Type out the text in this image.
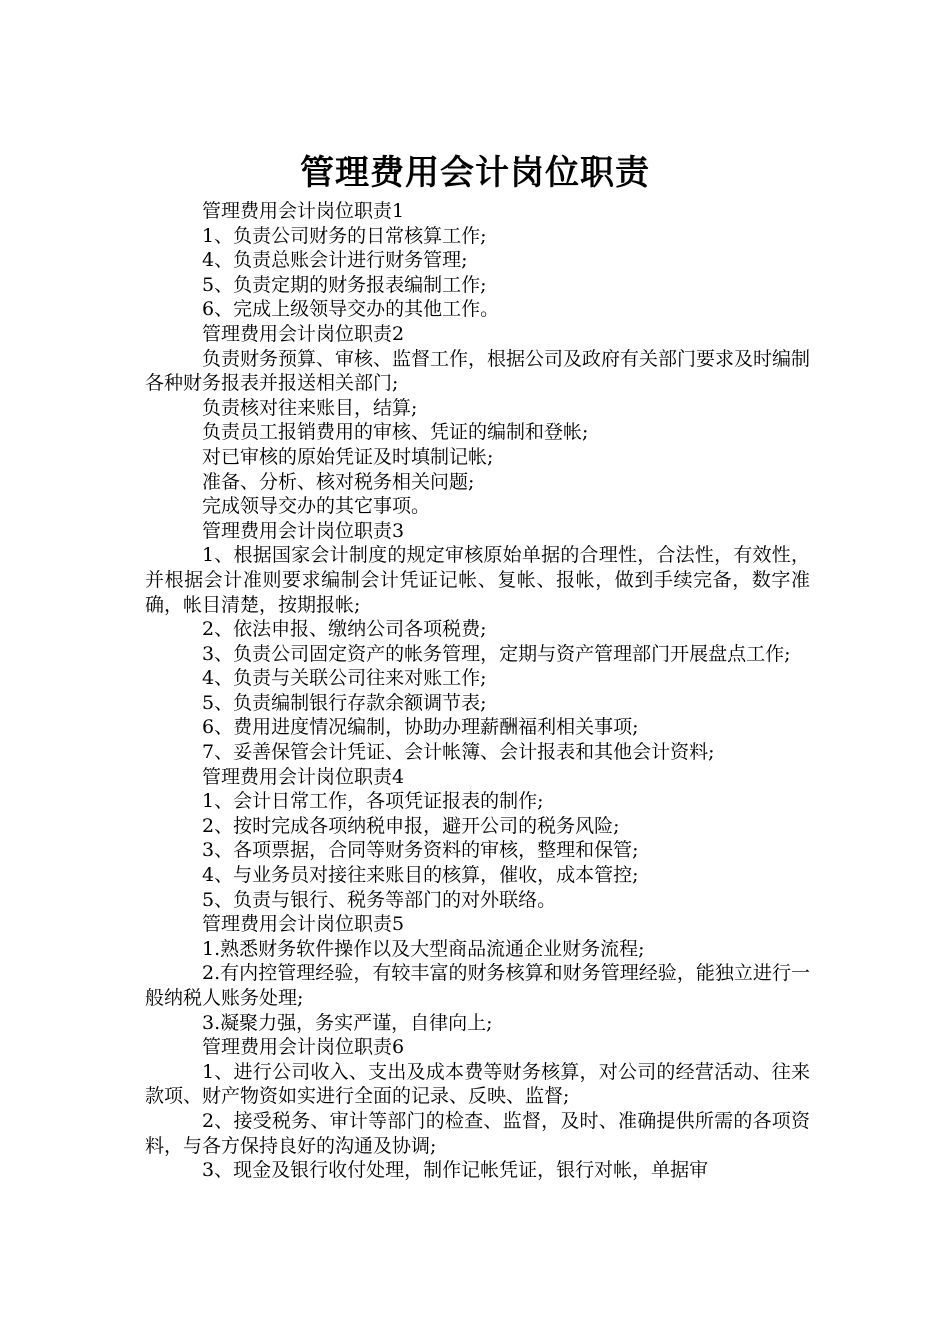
管理费用会计岗位职责

管理费用会计岗位职责1

1、负责公司财务的日常核算工作;

4、负责总账会计进行财务管理;

5、负责定期的财务报表编制工作;

6、完成上级领导交办的其他工作。

管理费用会计岗位职责2

负责财务预算、审核、监督工作，根据公司及政府有关部门要求及时编制各种财务报表并报送相关部门;

负责核对往来账目，结算;

负责员工报销费用的审核、凭证的编制和登帐;

对已审核的原始凭证及时填制记帐;

准备、分析、核对税务相关问题;

完成领导交办的其它事项。

管理费用会计岗位职责3

1、根据国家会计制度的规定审核原始单据的合理性，合法性，有效性，并根据会计准则要求编制会计凭证记帐、复帐、报帐，做到手续完备，数字准确，帐目清楚，按期报帐;

2、依法申报、缴纳公司各项税费;

3、负责公司固定资产的帐务管理，定期与资产管理部门开展盘点工作;

4、负责与关联公司往来对账工作;

5、负责编制银行存款余额调节表;

6、费用进度情况编制，协助办理薪酬福利相关事项;

7、妥善保管会计凭证、会计帐簿、会计报表和其他会计资料;

管理费用会计岗位职责4

1、会计日常工作，各项凭证报表的制作;

2、按时完成各项纳税申报，避开公司的税务风险;

3、各项票据，合同等财务资料的审核，整理和保管;

4、与业务员对接往来账目的核算，催收，成本管控;

5、负责与银行、税务等部门的对外联络。

管理费用会计岗位职责5

1.熟悉财务软件操作以及大型商品流通企业财务流程;

2.有内控管理经验，有较丰富的财务核算和财务管理经验，能独立进行一般纳税人账务处理;

3.凝聚力强，务实严谨，自律向上;

管理费用会计岗位职责6

1、进行公司收入、支出及成本费等财务核算，对公司的经营活动、往来款项、财产物资如实进行全面的记录、反映、监督;

2、接受税务、审计等部门的检查、监督，及时、准确提供所需的各项资料，与各方保持良好的沟通及协调;

3、现金及银行收付处理，制作记帐凭证，银行对帐，单据审
